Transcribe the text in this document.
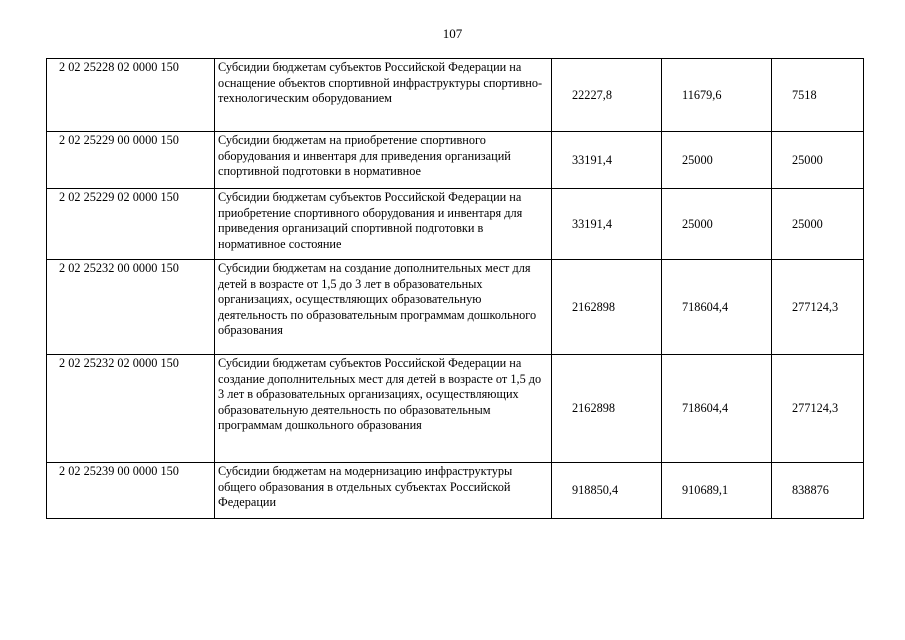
107
2 02 25228 02 0000 150	Субсидии бюджетам субъектов Российской Федерации на оснащение объектов спортивной инфраструктуры спортивно-технологическим оборудованием	22227,8	11679,6	7518
2 02 25229 00 0000 150	Субсидии бюджетам на приобретение спортивного оборудования и инвентаря для приведения организаций спортивной подготовки в нормативное	33191,4	25000	25000
2 02 25229 02 0000 150	Субсидии бюджетам субъектов Российской Федерации на приобретение спортивного оборудования и инвентаря для приведения организаций спортивной подготовки в нормативное состояние	33191,4	25000	25000
2 02 25232 00 0000 150	Субсидии бюджетам на создание дополнительных мест для детей в возрасте от 1,5 до 3 лет в образовательных организациях, осуществляющих образовательную деятельность по образовательным программам дошкольного образования	2162898	718604,4	277124,3
2 02 25232 02 0000 150	Субсидии бюджетам субъектов Российской Федерации на создание дополнительных мест для детей в возрасте от 1,5 до 3 лет в образовательных организациях, осуществляющих образовательную деятельность по образовательным программам дошкольного образования	2162898	718604,4	277124,3
2 02 25239 00 0000 150	Субсидии бюджетам на модернизацию инфраструктуры общего образования в отдельных субъектах Российской Федерации	918850,4	910689,1	838876
